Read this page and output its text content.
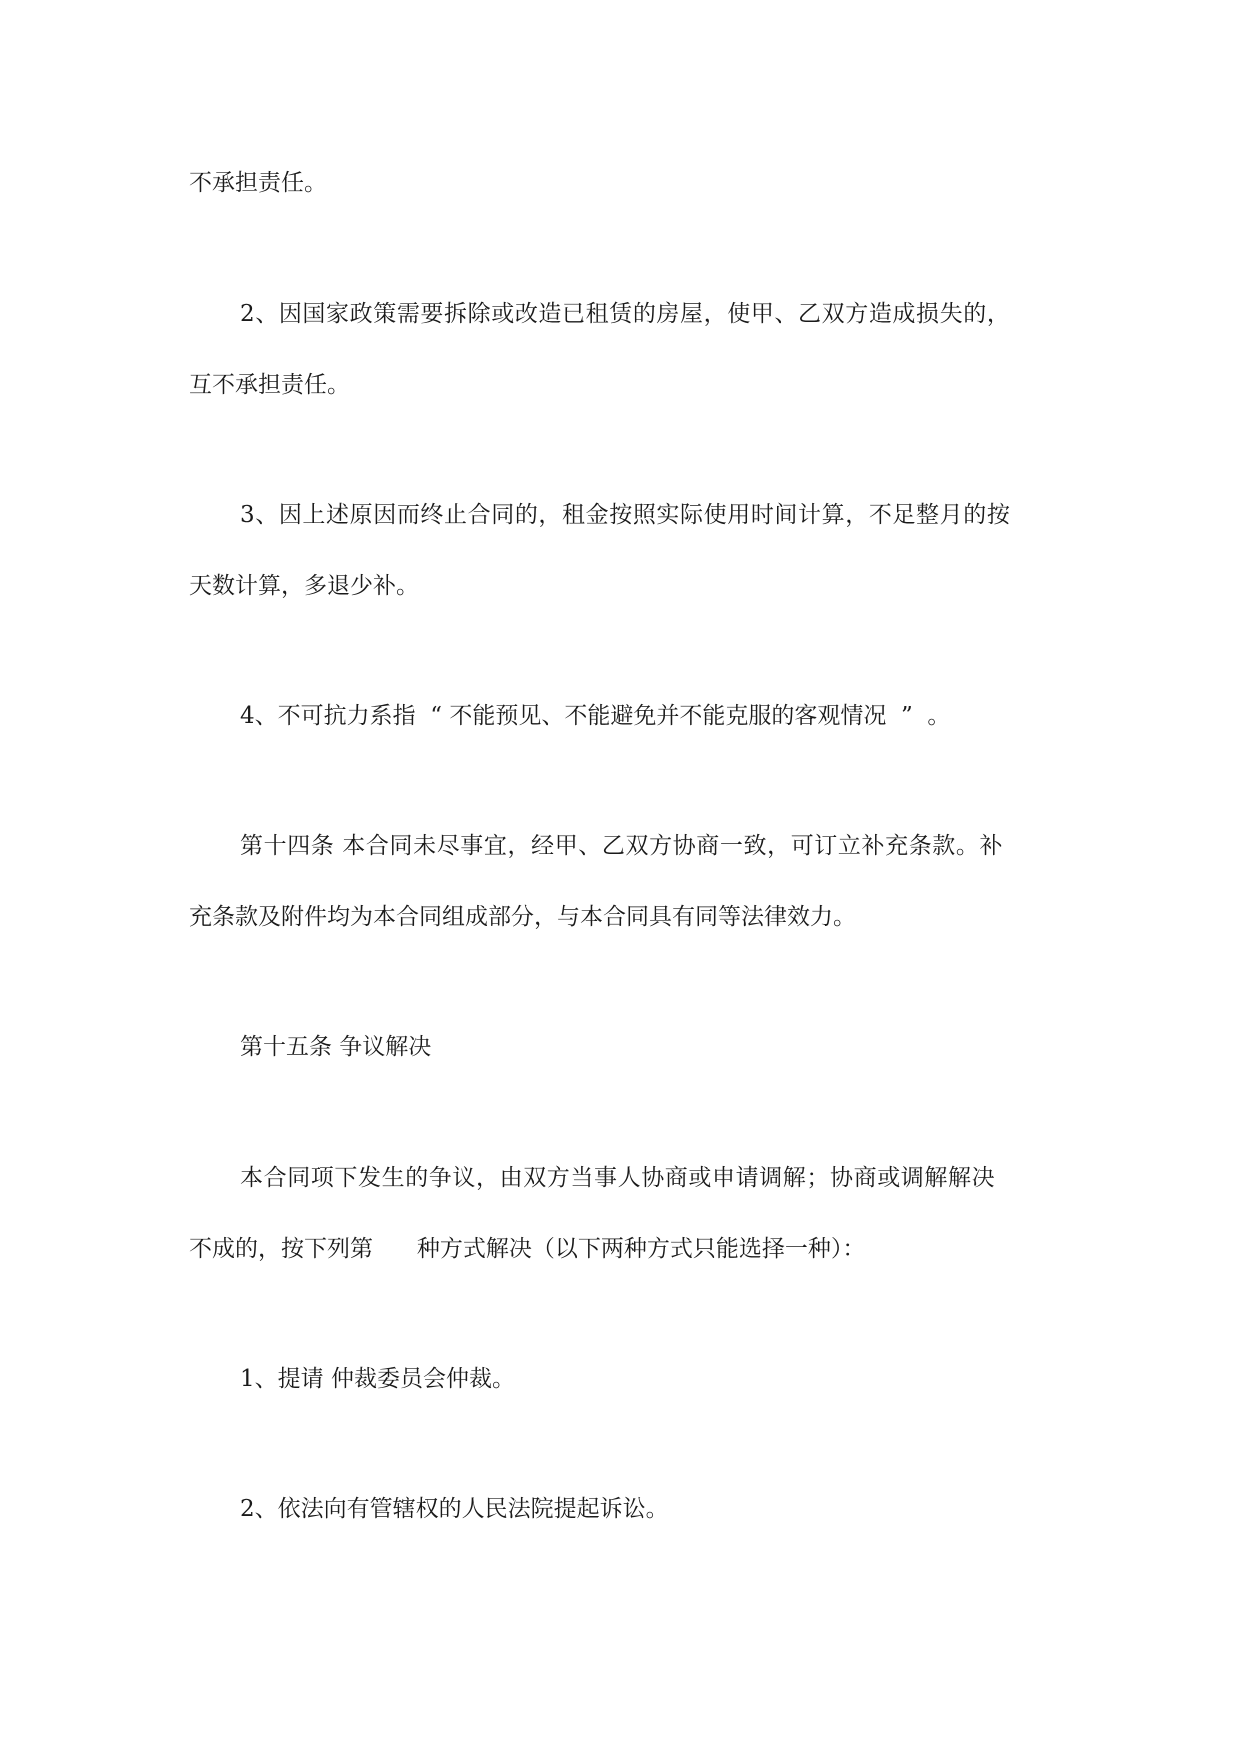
不承担责任。
2、因国家政策需要拆除或改造已租赁的房屋，使甲、乙双方造成损失的，
互不承担责任。
3、因上述原因而终止合同的，租金按照实际使用时间计算，不足整月的按
天数计算，多退少补。
4、不可抗力系指  “ 不能预见、不能避免并不能克服的客观情况  ”  。
第十四条 本合同未尽事宜，经甲、乙双方协商一致，可订立补充条款。补
充条款及附件均为本合同组成部分，与本合同具有同等法律效力。
第十五条 争议解决
本合同项下发生的争议，由双方当事人协商或申请调解；协商或调解解决
不成的，按下列第      种方式解决（以下两种方式只能选择一种）：
1、提请 仲裁委员会仲裁。
2、依法向有管辖权的人民法院提起诉讼。
